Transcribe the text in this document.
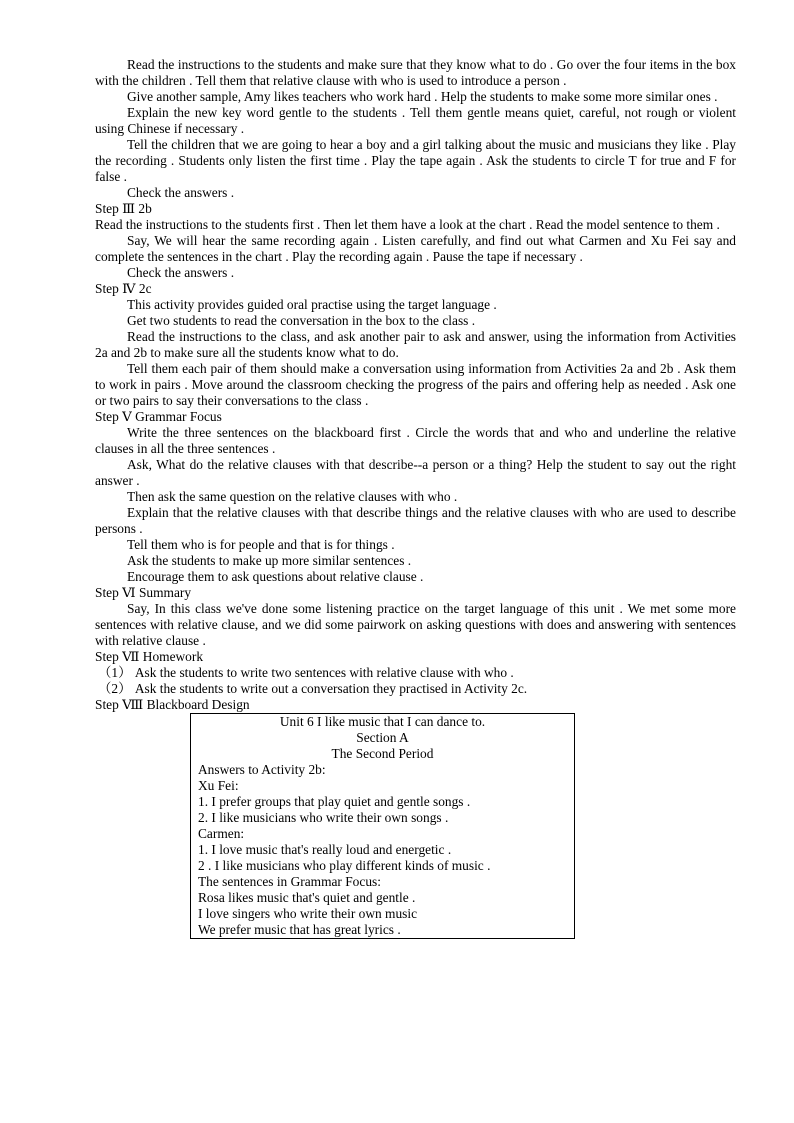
Read the instructions to the students and make sure that they know what to do . Go over the four items in the box with the children . Tell them that relative clause with who is used to introduce a person .

Give another sample, Amy likes teachers who work hard . Help the students to make some more similar ones .

Explain the new key word gentle to the students . Tell them gentle means quiet, careful, not rough or violent using Chinese if necessary .

Tell the children that we are going to hear a boy and a girl talking about the music and musicians they like . Play the recording . Students only listen the first time . Play the tape again . Ask the students to circle T for true and F for false .

Check the answers .

Step Ⅲ 2b

Read the instructions to the students first . Then let them have a look at the chart . Read the model sentence to them .

Say, We will hear the same recording again . Listen carefully, and find out what Carmen and Xu Fei say and complete the sentences in the chart . Play the recording again . Pause the tape if necessary .

Check the answers .

Step Ⅳ 2c

This activity provides guided oral practise using the target language .

Get two students to read the conversation in the box to the class .

Read the instructions to the class, and ask another pair to ask and answer, using the information from Activities 2a and 2b to make sure all the students know what to do.

Tell them each pair of them should make a conversation using information from Activities 2a and 2b . Ask them to work in pairs . Move around the classroom checking the progress of the pairs and offering help as needed . Ask one or two pairs to say their conversations to the class .

Step Ⅴ Grammar Focus

Write the three sentences on the blackboard first . Circle the words that and who and underline the relative clauses in all the three sentences .

Ask, What do the relative clauses with that describe--a person or a thing? Help the student to say out the right answer .

Then ask the same question on the relative clauses with who .

Explain that the relative clauses with that describe things and the relative clauses with who are used to describe persons .

Tell them who is for people and that is for things .

Ask the students to make up more similar sentences .

Encourage them to ask questions about relative clause .

Step Ⅵ Summary

Say, In this class we've done some listening practice on the target language of this unit . We met some more sentences with relative clause, and we did some pairwork on asking questions with does and answering with sentences with relative clause .

Step Ⅶ Homework

（1） Ask the students to write two sentences with relative clause with who .

（2） Ask the students to write out a conversation they practised in Activity 2c.

Step Ⅷ Blackboard Design

Unit 6 I like music that I can dance to.
Section A
The Second Period
Answers to Activity 2b:
Xu Fei:
1. I prefer groups that play quiet and gentle songs .
2. I like musicians who write their own songs .
Carmen:
1. I love music that's really loud and energetic .
2 . I like musicians who play different kinds of music .
The sentences in Grammar Focus:
Rosa likes music that's quiet and gentle .
I love singers who write their own music
We prefer music that has great lyrics .
